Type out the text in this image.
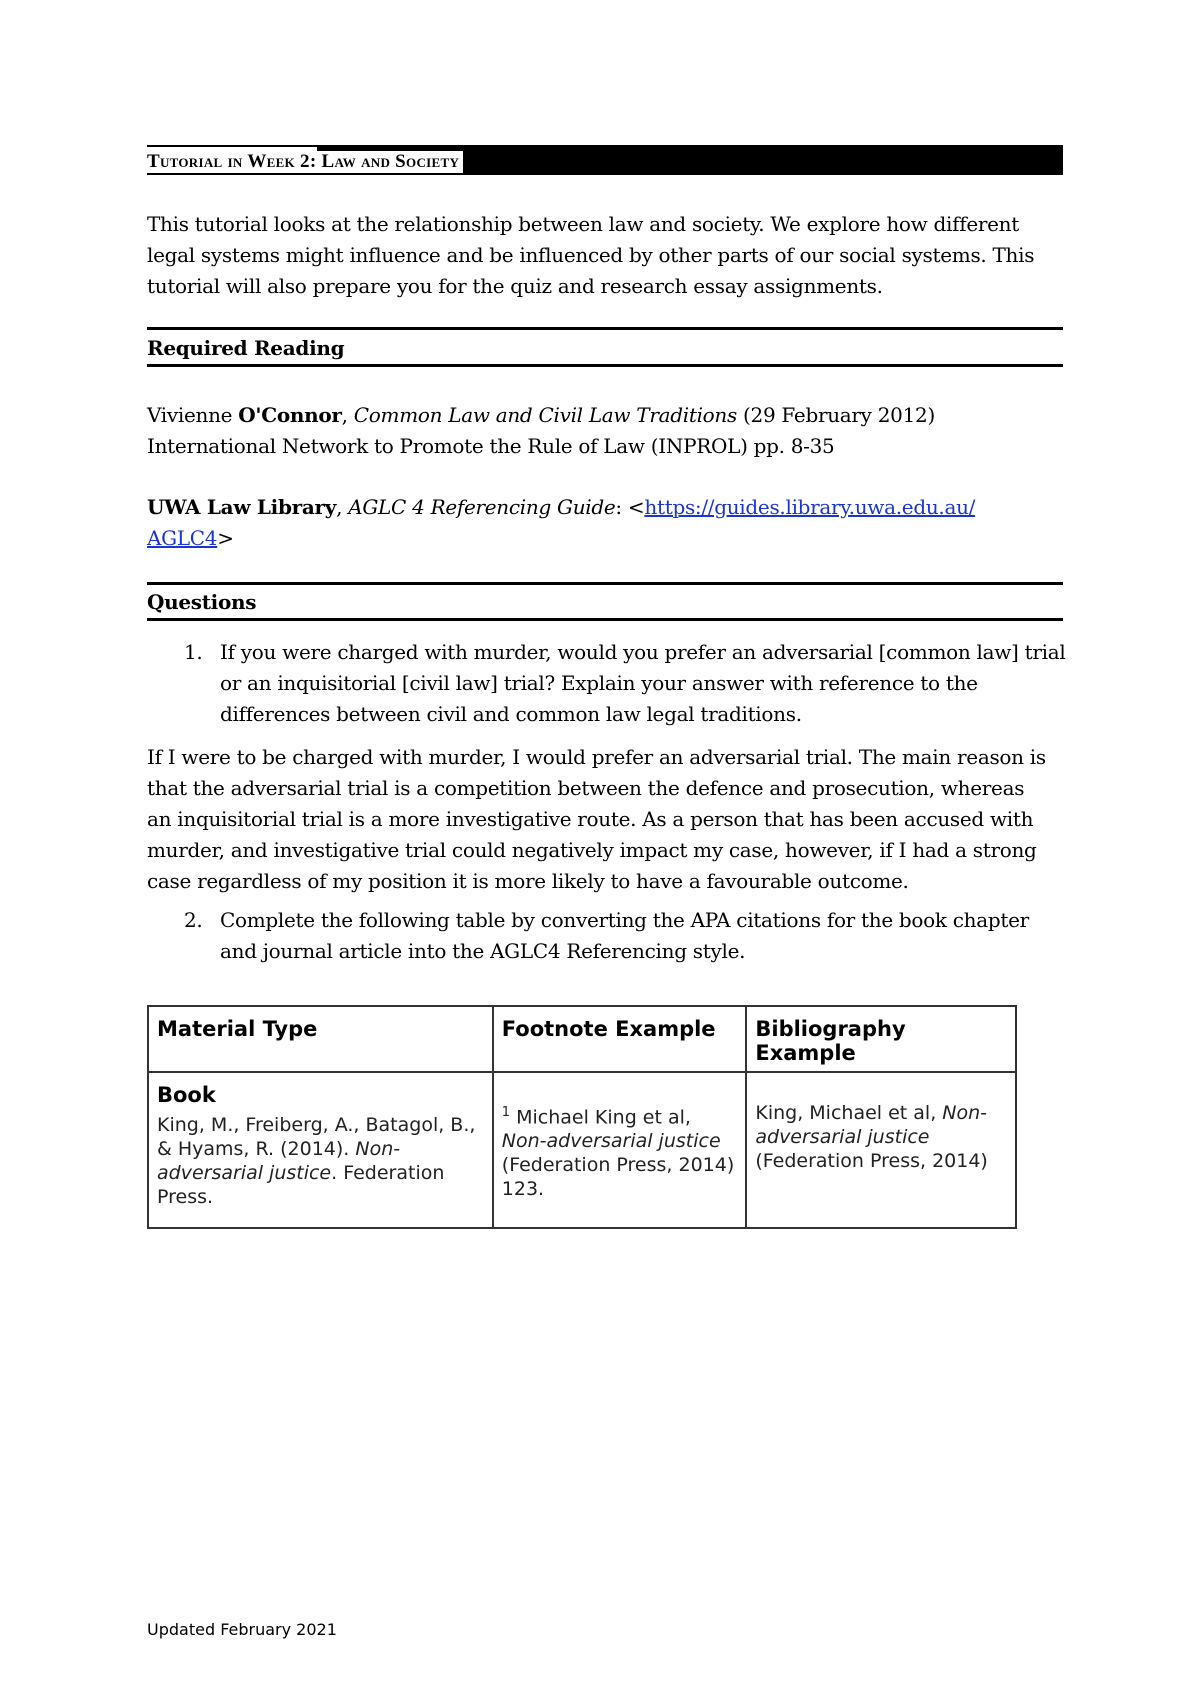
Tutorial in Week 2: Law and Society
This tutorial looks at the relationship between law and society. We explore how different legal systems might influence and be influenced by other parts of our social systems. This tutorial will also prepare you for the quiz and research essay assignments.
Required Reading
Vivienne O'Connor, Common Law and Civil Law Traditions (29 February 2012) International Network to Promote the Rule of Law (INPROL) pp. 8-35
UWA Law Library, AGLC 4 Referencing Guide: <https://guides.library.uwa.edu.au/AGLC4>
Questions
1. If you were charged with murder, would you prefer an adversarial [common law] trial or an inquisitorial [civil law] trial? Explain your answer with reference to the differences between civil and common law legal traditions.
If I were to be charged with murder, I would prefer an adversarial trial. The main reason is that the adversarial trial is a competition between the defence and prosecution, whereas an inquisitorial trial is a more investigative route. As a person that has been accused with murder, and investigative trial could negatively impact my case, however, if I had a strong case regardless of my position it is more likely to have a favourable outcome.
2. Complete the following table by converting the APA citations for the book chapter and journal article into the AGLC4 Referencing style.
Material Type	Footnote Example	Bibliography Example

Book
King, M., Freiberg, A., Batagol, B., & Hyams, R. (2014). Non-adversarial justice. Federation Press.	$^1$ Michael King et al, Non-adversarial justice (Federation Press, 2014) 123.	King, Michael et al, Non-adversarial justice (Federation Press, 2014)
Updated February 2021
